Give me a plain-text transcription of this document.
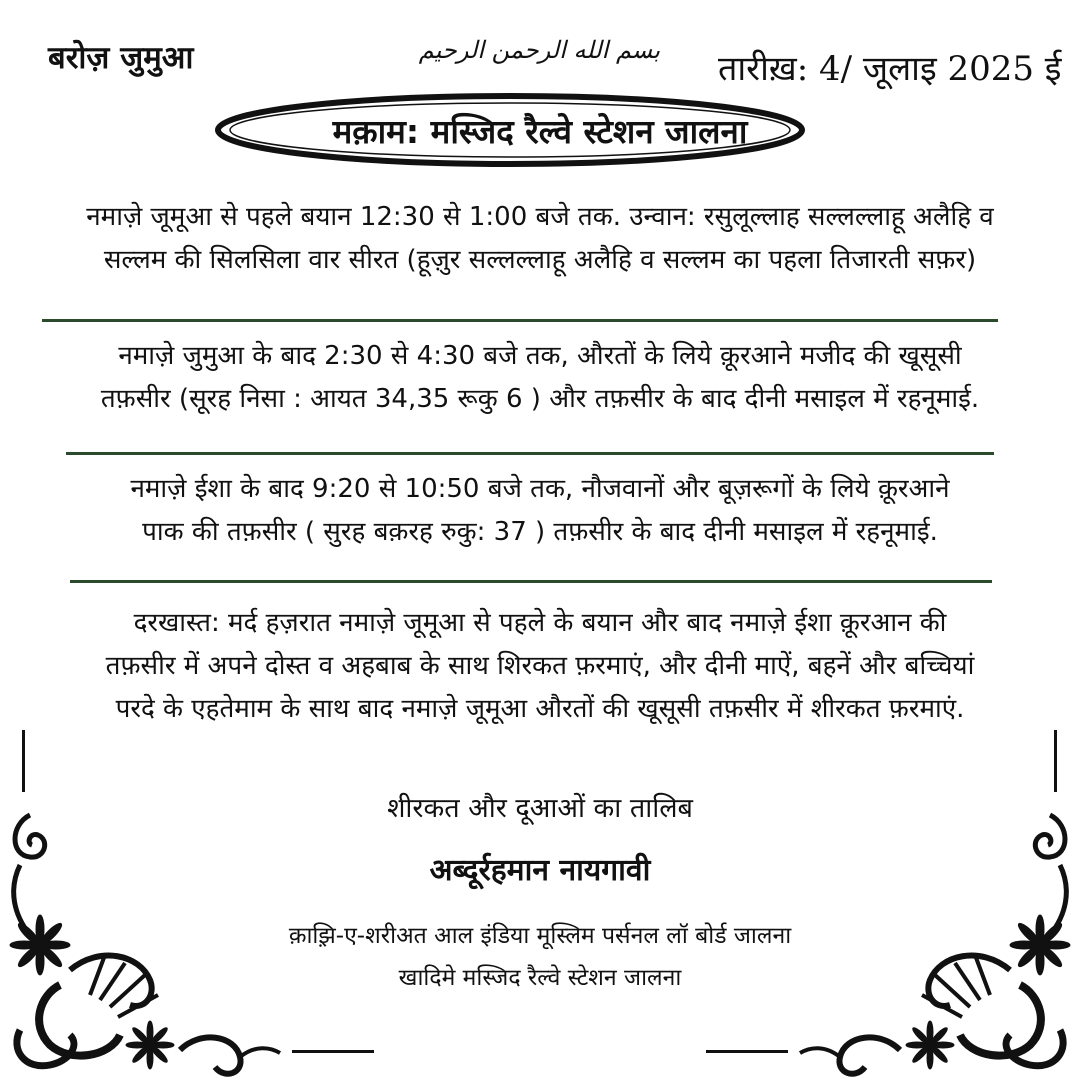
बरोज़ जुमुआ	بسم الله الرحمن الرحيم तारीख़: 4/ जूलाइ 2025 ई
मक़ाम: मस्जिद रैल्वे स्टेशन जालना
नमाज़े जूमूआ से पहले बयान 12:30 से 1:00 बजे तक. उन्वान: रसुलूल्लाह सल्लल्लाहू अलैहि व
सल्लम की सिलसिला वार सीरत (हूज़ुर सल्लल्लाहू अलैहि व सल्लम का पहला तिजारती सफ़र)
नमाज़े जुमुआ के बाद 2:30 से 4:30 बजे तक, औरतों के लिये क़ूरआने मजीद की खूसूसी
तफ़सीर (सूरह निसा : आयत 34,35 रूकु 6 ) और तफ़सीर के बाद दीनी मसाइल में रहनूमाई.
नमाज़े ईशा के बाद 9:20 से 10:50 बजे तक, नौजवानों और बूज़रूगों के लिये क़ूरआने
पाक की तफ़सीर ( सुरह बक़रह रुकु: 37 ) तफ़सीर के बाद दीनी मसाइल में रहनूमाई.
दरखास्त: मर्द हज़रात नमाज़े जूमूआ से पहले के बयान और बाद नमाज़े ईशा क़ूरआन की
तफ़सीर में अपने दोस्त व अहबाब के साथ शिरकत फ़रमाएं, और दीनी माऐं, बहनें और बच्चियां
परदे के एहतेमाम के साथ बाद नमाज़े जूमूआ औरतों की खूसूसी तफ़सीर में शीरकत फ़रमाएं.
शीरकत और दूआओं का तालिब
अब्दूर्रहमान नायगावी
क़ाझ़ि-ए-शरीअत आल इंडिया मूस्लिम पर्सनल लॉ बोर्ड जालना
खादिमे मस्जिद रैल्वे स्टेशन जालना
